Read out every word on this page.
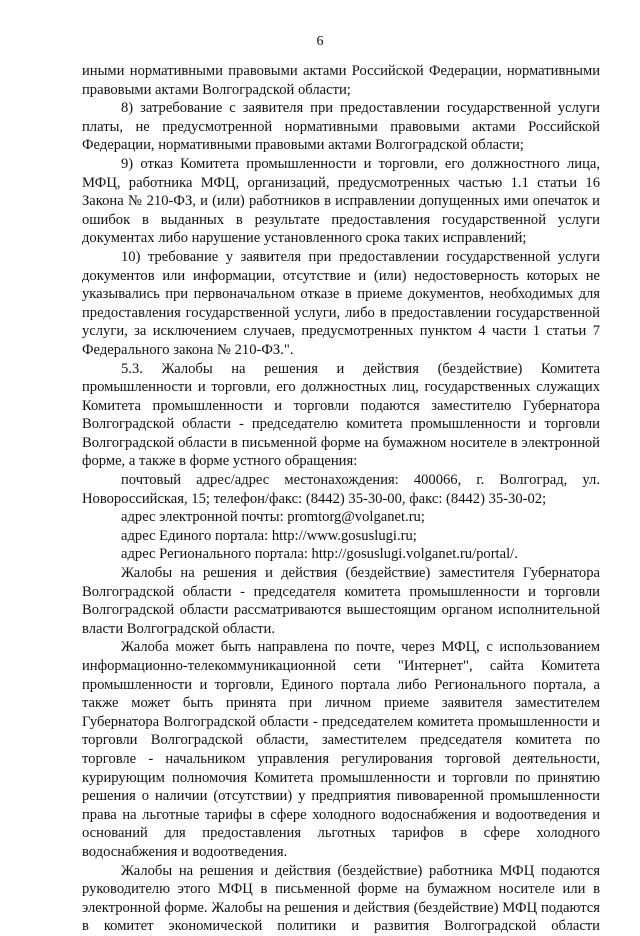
6

иными нормативными правовыми актами Российской Федерации, нормативными правовыми актами Волгоградской области;

8) затребование с заявителя при предоставлении государственной услуги платы, не предусмотренной нормативными правовыми актами Российской Федерации, нормативными правовыми актами Волгоградской области;

9) отказ Комитета промышленности и торговли, его должностного лица, МФЦ, работника МФЦ, организаций, предусмотренных частью 1.1 статьи 16 Закона № 210-ФЗ, и (или) работников в исправлении допущенных ими опечаток и ошибок в выданных в результате предоставления государственной услуги документах либо нарушение установленного срока таких исправлений;

10) требование у заявителя при предоставлении государственной услуги документов или информации, отсутствие и (или) недостоверность которых не указывались при первоначальном отказе в приеме документов, необходимых для предоставления государственной услуги, либо в предоставлении государственной услуги, за исключением случаев, предусмотренных пунктом 4 части 1 статьи 7 Федерального закона № 210-ФЗ.".

5.3. Жалобы на решения и действия (бездействие) Комитета промышленности и торговли, его должностных лиц, государственных служащих Комитета промышленности и торговли подаются заместителю Губернатора Волгоградской области - председателю комитета промышленности и торговли Волгоградской области в письменной форме на бумажном носителе в электронной форме, а также в форме устного обращения:

почтовый адрес/адрес местонахождения: 400066, г. Волгоград, ул. Новороссийская, 15; телефон/факс: (8442) 35-30-00, факс: (8442) 35-30-02;

адрес электронной почты: promtorg@volganet.ru;

адрес Единого портала: http://www.gosuslugi.ru;

адрес Регионального портала: http://gosuslugi.volganet.ru/portal/.

Жалобы на решения и действия (бездействие) заместителя Губернатора Волгоградской области - председателя комитета промышленности и торговли Волгоградской области рассматриваются вышестоящим органом исполнительной власти Волгоградской области.

Жалоба может быть направлена по почте, через МФЦ, с использованием информационно-телекоммуникационной сети "Интернет", сайта Комитета промышленности и торговли, Единого портала либо Регионального портала, а также может быть принята при личном приеме заявителя заместителем Губернатора Волгоградской области - председателем комитета промышленности и торговли Волгоградской области, заместителем председателя комитета по торговле - начальником управления регулирования торговой деятельности, курирующим полномочия Комитета промышленности и торговли по принятию решения о наличии (отсутствии) у предприятия пивоваренной промышленности права на льготные тарифы в сфере холодного водоснабжения и водоотведения и оснований для предоставления льготных тарифов в сфере холодного водоснабжения и водоотведения.

Жалобы на решения и действия (бездействие) работника МФЦ подаются руководителю этого МФЦ в письменной форме на бумажном носителе или в электронной форме. Жалобы на решения и действия (бездействие) МФЦ подаются в комитет экономической политики и развития Волгоградской области
